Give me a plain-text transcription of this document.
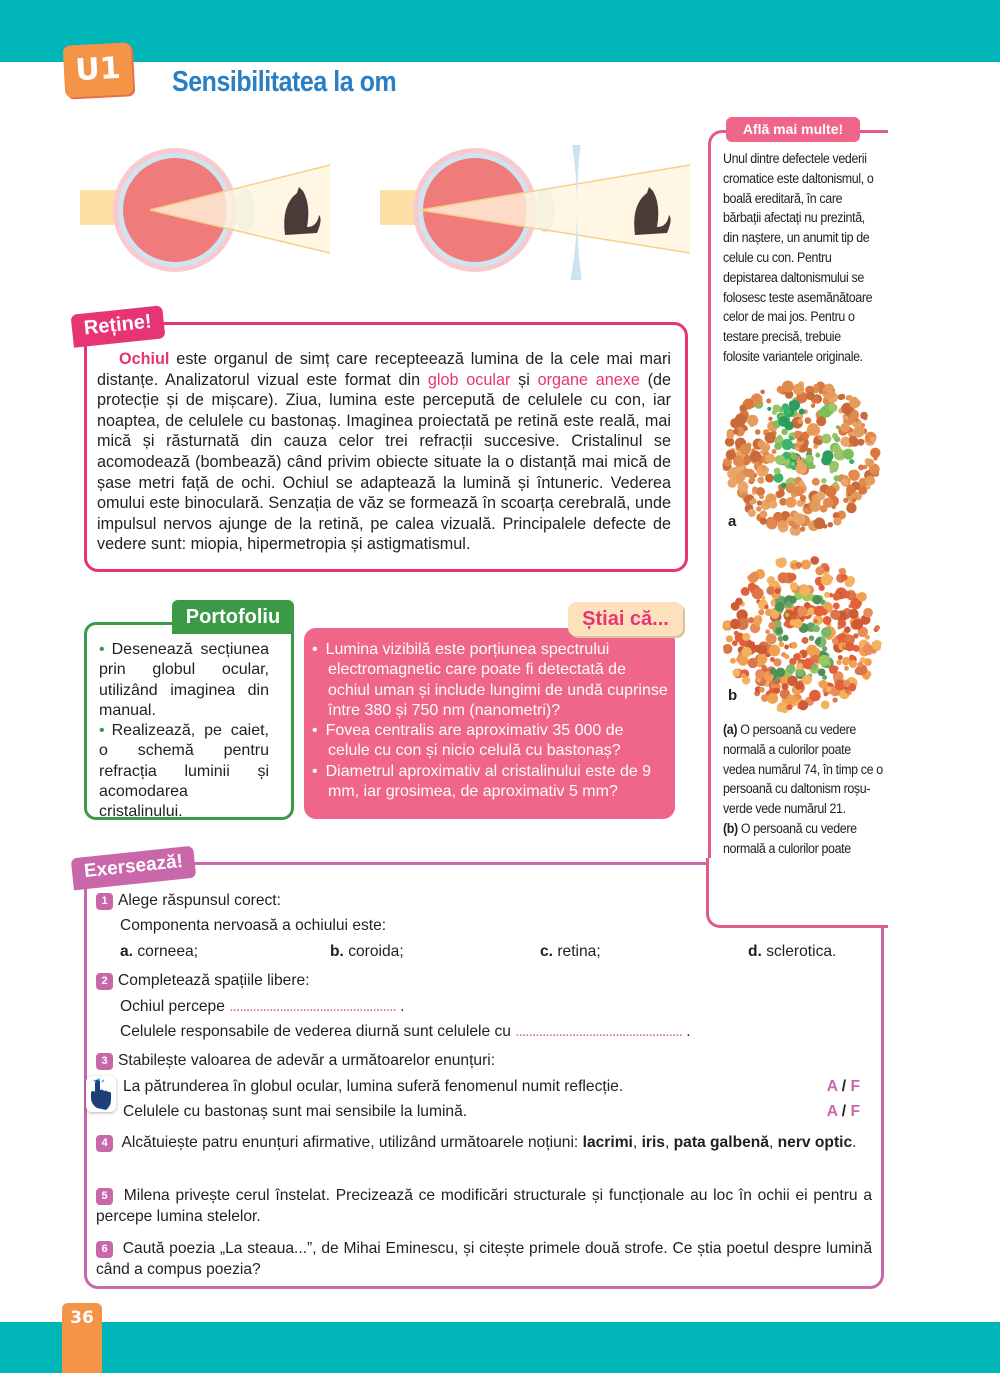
U1	Sensibilitatea la om
Reține!

Ochiul este organul de simț care recepteează lumina de la cele mai mari distanțe. Analizatorul vizual este format din glob ocular și organe anexe (de protecție și de mișcare). Ziua, lumina este percepută de celulele cu con, iar noaptea, de celulele cu bastonaș. Imaginea proiectată pe retină este reală, mai mică și răsturnată din cauza celor trei refracții succesive. Cristalinul se acomodează (bombează) când privim obiecte situate la o distanță mai mică de șase metri față de ochi. Ochiul se adaptează la lumină și întuneric. Vederea omului este binoculară. Senzația de văz se formează în scoarța cerebrală, unde impulsul nervos ajunge de la retină, pe calea vizuală. Principalele defecte de vedere sunt: miopia, hipermetropia și astigmatismul.

Portofoliu
• Desenează secțiunea prin globul ocular, utilizând imaginea din manual.
• Realizează, pe caiet, o schemă pentru refracția luminii și acomodarea cristalinului.
Știai că...
• Lumina vizibilă este porțiunea spectrului electromagnetic care poate fi detectată de ochiul uman și include lungimi de undă cuprinse între 380 și 750 nm (nanometri)?
• Fovea centralis are aproximativ 35 000 de celule cu con și nicio celulă cu bastonaș?
• Diametrul aproximativ al cristalinului este de 9 mm, iar grosimea, de aproximativ 5 mm?
Află mai multe!

Unul dintre defectele vederii cromatice este daltonismul, o boală ereditară, în care bărbații afectați nu prezintă, din naștere, un anumit tip de celule cu con. Pentru depistarea daltonismului se folosesc teste asemănătoare celor de mai jos. Pentru o testare precisă, trebuie folosite variantele originale.

a
b

(a) O persoană cu vedere normală a culorilor poate vedea numărul 74, în timp ce o persoană cu daltonism roșu-verde vede numărul 21.
(b) O persoană cu vedere normală a culorilor poate

Exersează!
1 Alege răspunsul corect:
Componenta nervoasă a ochiului este:
a. corneea;	b. coroida;	c. retina;	d. sclerotica.
2 Completează spațiile libere:
Ochiul percepe .................................................. .
Celulele responsabile de vederea diurnă sunt celulele cu .................................................. .
3 Stabilește valoarea de adevăr a următoarelor enunțuri:
La pătrunderea în globul ocular, lumina suferă fenomenul numit reflecție.	A / F
Celulele cu bastonaș sunt mai sensibile la lumină.	A / F

4 Alcătuiește patru enunțuri afirmative, utilizând următoarele noțiuni: lacrimi, iris, pata galbenă, nerv optic.

5 Milena privește cerul înstelat. Precizează ce modificări structurale și funcționale au loc în ochii ei pentru a percepe lumina stelelor.

6 Caută poezia „La steaua...”, de Mihai Eminescu, și citește primele două strofe. Ce știa poetul despre lumină când a compus poezia?

36
